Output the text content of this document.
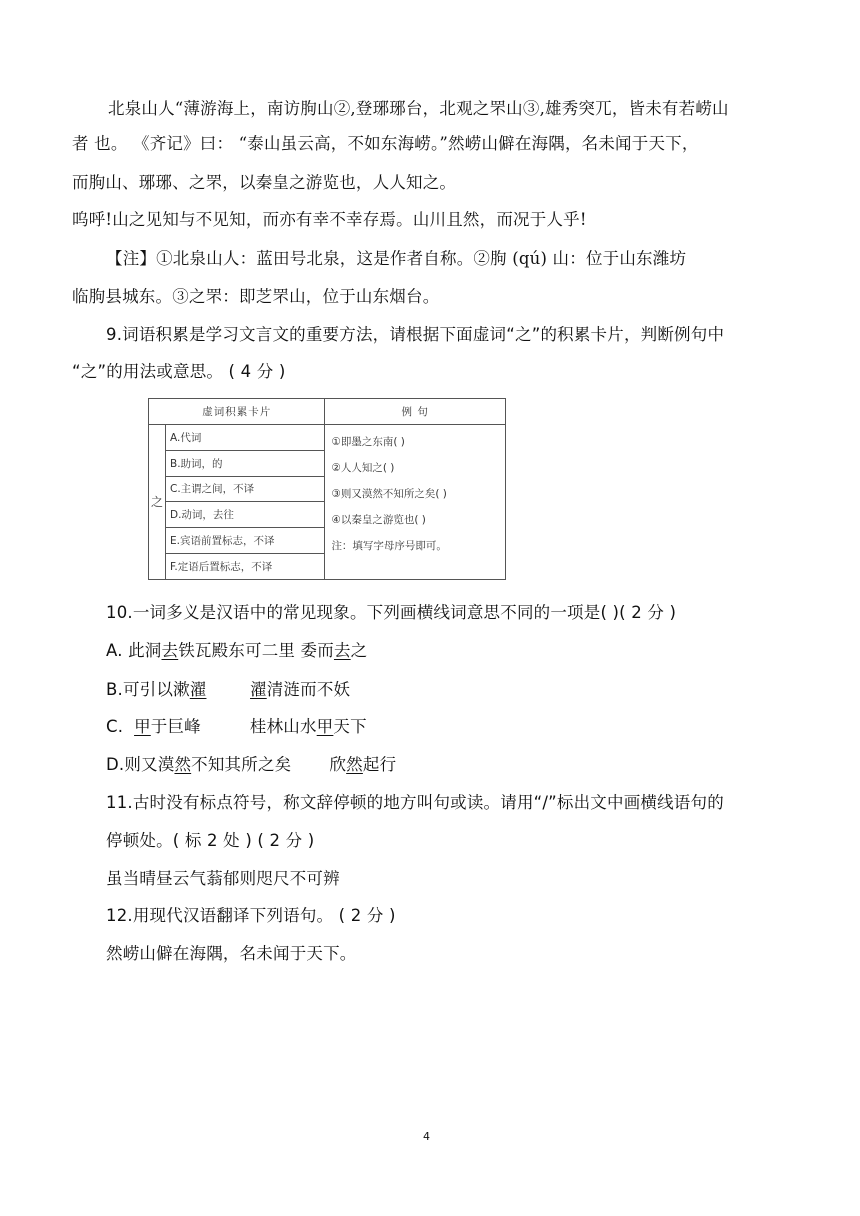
北泉山人“薄游海上，南访朐山②,登琊琊台，北观之罘山③,雄秀突兀，皆未有若崂山
者 也。 《齐记》曰： “泰山虽云高，不如东海崂。”然崂山僻在海隅，名未闻于天下，
而朐山、琊琊、之罘，以秦皇之游览也，人人知之。
呜呼!山之见知与不见知，而亦有幸不幸存焉。山川且然，而况于人乎!
【注】①北泉山人：蓝田号北泉，这是作者自称。②朐 (qú) 山：位于山东潍坊
临朐县城东。③之罘：即芝罘山，位于山东烟台。
9.词语积累是学习文言文的重要方法，请根据下面虚词“之”的积累卡片，判断例句中
“之”的用法或意思。 ( 4 分 )
虚词积累卡片		例 句
之	A.代词	①即墨之东南( )
②人人知之( )
③则又漠然不知所之矣( )
④以秦皇之游览也( )
注：填写字母序号即可。

	B.助词，的	
	C.主谓之间，不译	
	D.动词，去往	
	E.宾语前置标志，不译	
	F.定语后置标志，不译	
10.一词多义是汉语中的常见现象。下列画横线词意思不同的一项是( )( 2 分 )
A. 此洞去铁瓦殿东可二里 委而去之
B.可引以漱濯	濯清涟而不妖
C.  甲于巨峰         桂林山水甲天下
D.则又漠然不知其所之矣       欣然起行
11.古时没有标点符号，称文辞停顿的地方叫句或读。请用“/”标出文中画横线语句的
停顿处。( 标 2 处 ) ( 2 分 )
虽当晴昼云气蓊郁则咫尺不可辨
12.用现代汉语翻译下列语句。 ( 2 分 )
然崂山僻在海隅，名未闻于天下。
4
